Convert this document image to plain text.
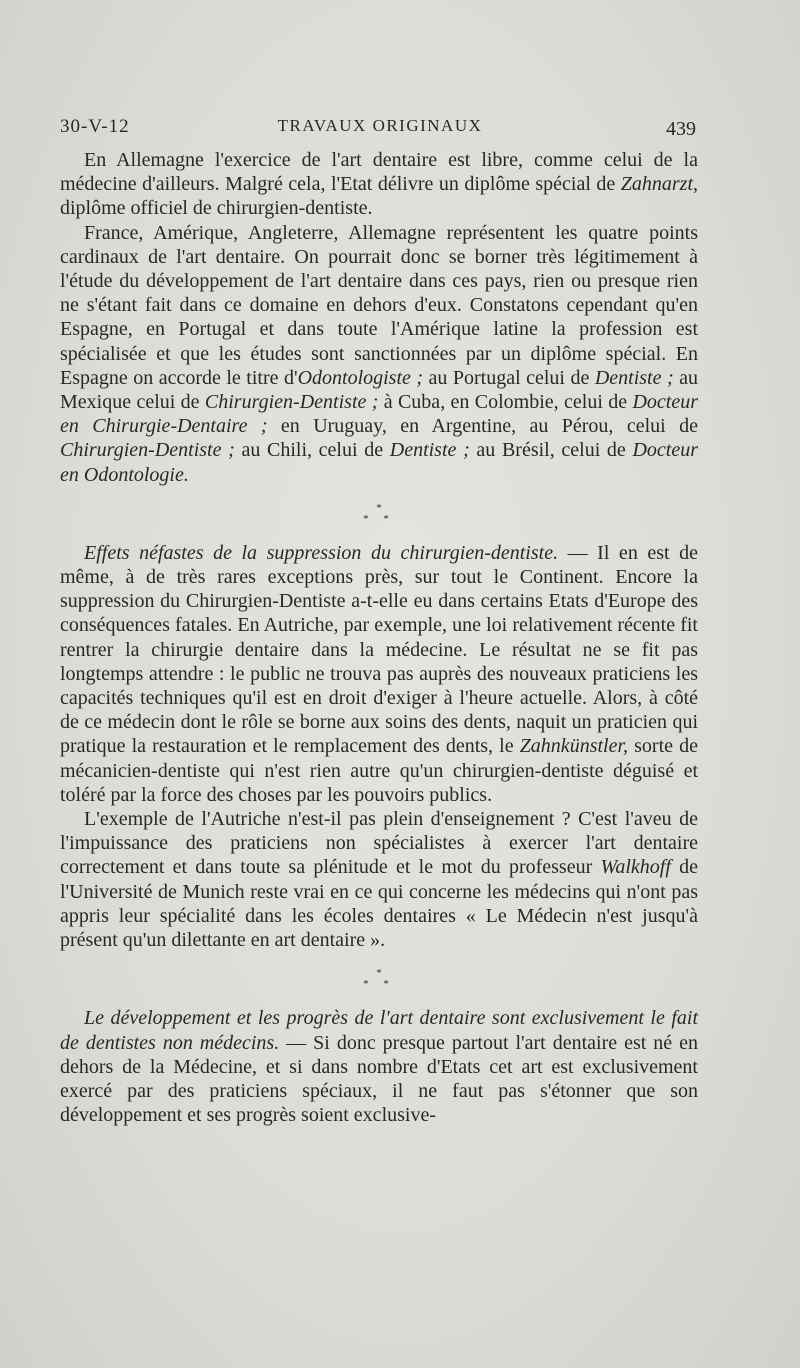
30-V-12	TRAVAUX ORIGINAUX	439

En Allemagne l'exercice de l'art dentaire est libre, comme celui de la médecine d'ailleurs. Malgré cela, l'Etat délivre un diplôme spécial de Zahnarzt, diplôme officiel de chirurgien-dentiste.

France, Amérique, Angleterre, Allemagne représentent les quatre points cardinaux de l'art dentaire. On pourrait donc se borner très légitimement à l'étude du développement de l'art dentaire dans ces pays, rien ou presque rien ne s'étant fait dans ce domaine en dehors d'eux. Constatons cependant qu'en Espagne, en Portugal et dans toute l'Amérique latine la profession est spécialisée et que les études sont sanctionnées par un diplôme spécial. En Espagne on accorde le titre d'Odontologiste ; au Portugal celui de Dentiste ; au Mexique celui de Chirurgien-Dentiste ; à Cuba, en Colombie, celui de Docteur en Chirurgie-Dentaire ; en Uruguay, en Argentine, au Pérou, celui de Chirurgien-Dentiste ; au Chili, celui de Dentiste ; au Brésil, celui de Docteur en Odontologie.

*
* *

Effets néfastes de la suppression du chirurgien-dentiste. — Il en est de même, à de très rares exceptions près, sur tout le Continent. Encore la suppression du Chirurgien-Dentiste a-t-elle eu dans certains Etats d'Europe des conséquences fatales. En Autriche, par exemple, une loi relativement récente fit rentrer la chirurgie dentaire dans la médecine. Le résultat ne se fit pas longtemps attendre : le public ne trouva pas auprès des nouveaux praticiens les capacités techniques qu'il est en droit d'exiger à l'heure actuelle. Alors, à côté de ce médecin dont le rôle se borne aux soins des dents, naquit un praticien qui pratique la restauration et le remplacement des dents, le Zahnkünstler, sorte de mécanicien-dentiste qui n'est rien autre qu'un chirurgien-dentiste déguisé et toléré par la force des choses par les pouvoirs publics.

L'exemple de l'Autriche n'est-il pas plein d'enseignement ? C'est l'aveu de l'impuissance des praticiens non spécialistes à exercer l'art dentaire correctement et dans toute sa plénitude et le mot du professeur Walkhoff de l'Université de Munich reste vrai en ce qui concerne les médecins qui n'ont pas appris leur spécialité dans les écoles dentaires « Le Médecin n'est jusqu'à présent qu'un dilettante en art dentaire ».

*
* *

Le développement et les progrès de l'art dentaire sont exclusivement le fait de dentistes non médecins. — Si donc presque partout l'art dentaire est né en dehors de la Médecine, et si dans nombre d'Etats cet art est exclusivement exercé par des praticiens spéciaux, il ne faut pas s'étonner que son développement et ses progrès soient exclusive-
